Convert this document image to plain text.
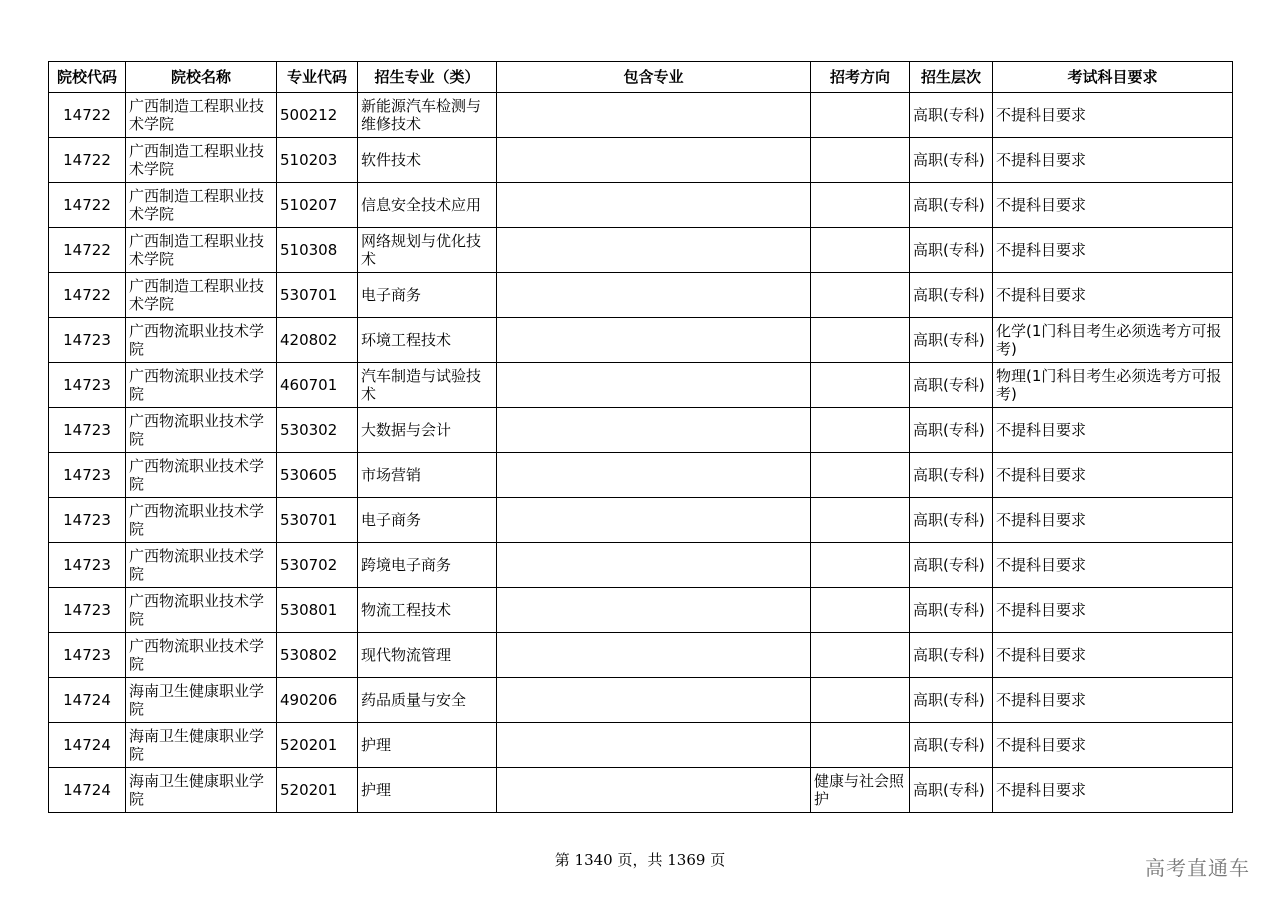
院校代码	院校名称	专业代码	招生专业（类）	包含专业	招考方向	招生层次	考试科目要求
14722	广西制造工程职业技术学院	500212	新能源汽车检测与维修技术			高职(专科)	不提科目要求
14722	广西制造工程职业技术学院	510203	软件技术			高职(专科)	不提科目要求
14722	广西制造工程职业技术学院	510207	信息安全技术应用			高职(专科)	不提科目要求
14722	广西制造工程职业技术学院	510308	网络规划与优化技术			高职(专科)	不提科目要求
14722	广西制造工程职业技术学院	530701	电子商务			高职(专科)	不提科目要求
14723	广西物流职业技术学院	420802	环境工程技术			高职(专科)	化学(1门科目考生必须选考方可报考)
14723	广西物流职业技术学院	460701	汽车制造与试验技术			高职(专科)	物理(1门科目考生必须选考方可报考)
14723	广西物流职业技术学院	530302	大数据与会计			高职(专科)	不提科目要求
14723	广西物流职业技术学院	530605	市场营销			高职(专科)	不提科目要求
14723	广西物流职业技术学院	530701	电子商务			高职(专科)	不提科目要求
14723	广西物流职业技术学院	530702	跨境电子商务			高职(专科)	不提科目要求
14723	广西物流职业技术学院	530801	物流工程技术			高职(专科)	不提科目要求
14723	广西物流职业技术学院	530802	现代物流管理			高职(专科)	不提科目要求
14724	海南卫生健康职业学院	490206	药品质量与安全			高职(专科)	不提科目要求
14724	海南卫生健康职业学院	520201	护理			高职(专科)	不提科目要求
14724	海南卫生健康职业学院	520201	护理		健康与社会照护	高职(专科)	不提科目要求
第 1340 页，共 1369 页	高考直通车
